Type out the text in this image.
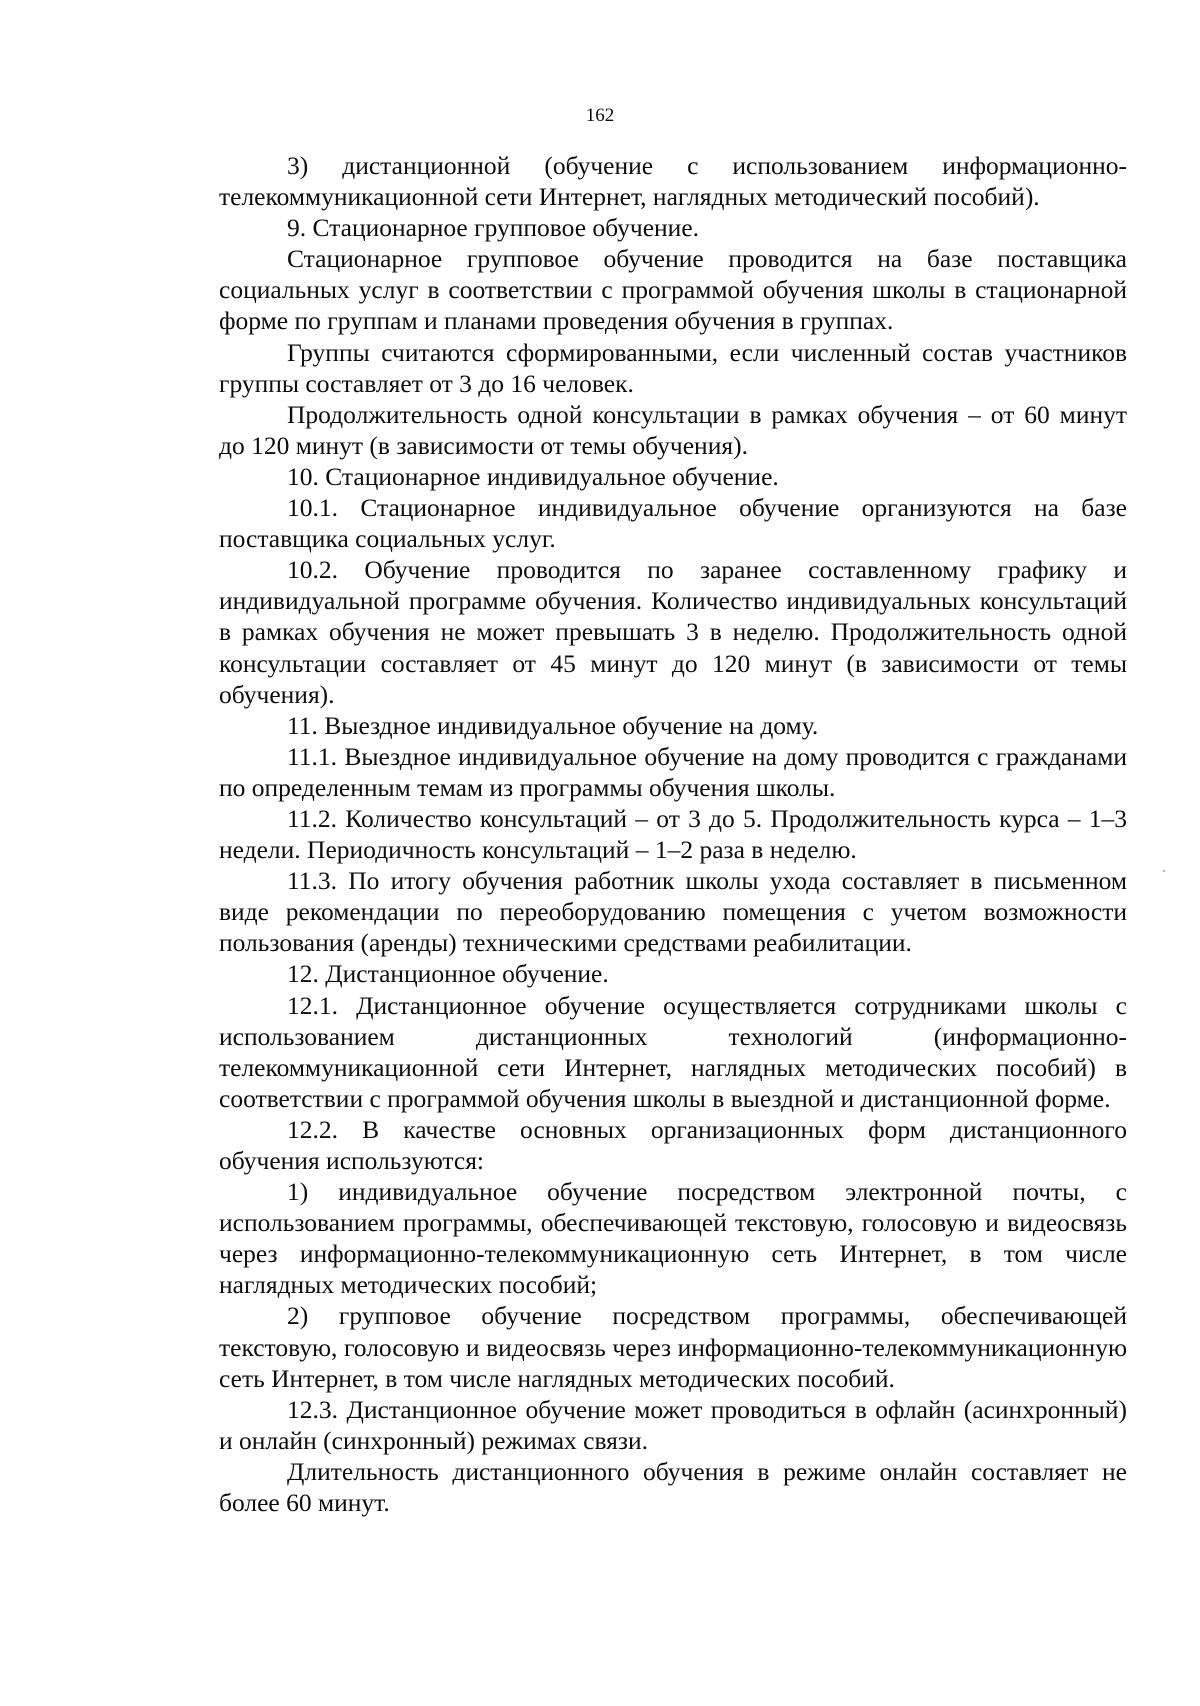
162

3) дистанционной (обучение с использованием информационно-телекоммуникационной сети Интернет, наглядных методический пособий).

9. Стационарное групповое обучение.

Стационарное групповое обучение проводится на базе поставщика социальных услуг в соответствии с программой обучения школы в стационарной форме по группам и планами проведения обучения в группах.

Группы считаются сформированными, если численный состав участников группы составляет от 3 до 16 человек.

Продолжительность одной консультации в рамках обучения – от 60 минут до 120 минут (в зависимости от темы обучения).

10. Стационарное индивидуальное обучение.

10.1. Стационарное индивидуальное обучение организуются на базе поставщика социальных услуг.

10.2. Обучение проводится по заранее составленному графику и индивидуальной программе обучения. Количество индивидуальных консультаций в рамках обучения не может превышать 3 в неделю. Продолжительность одной консультации составляет от 45 минут до 120 минут (в зависимости от темы обучения).

11. Выездное индивидуальное обучение на дому.

11.1. Выездное индивидуальное обучение на дому проводится с гражданами по определенным темам из программы обучения школы.

11.2. Количество консультаций – от 3 до 5. Продолжительность курса – 1–3 недели. Периодичность консультаций – 1–2 раза в неделю.

11.3. По итогу обучения работник школы ухода составляет в письменном виде рекомендации по переоборудованию помещения с учетом возможности пользования (аренды) техническими средствами реабилитации.

12. Дистанционное обучение.

12.1. Дистанционное обучение осуществляется сотрудниками школы с использованием дистанционных технологий (информационно-телекоммуникационной сети Интернет, наглядных методических пособий) в соответствии с программой обучения школы в выездной и дистанционной форме.

12.2. В качестве основных организационных форм дистанционного обучения используются:

1) индивидуальное обучение посредством электронной почты, с использованием программы, обеспечивающей текстовую, голосовую и видеосвязь через информационно-телекоммуникационную сеть Интернет, в том числе наглядных методических пособий;

2) групповое обучение посредством программы, обеспечивающей текстовую, голосовую и видеосвязь через информационно-телекоммуникационную сеть Интернет, в том числе наглядных методических пособий.

12.3. Дистанционное обучение может проводиться в офлайн (асинхронный) и онлайн (синхронный) режимах связи.

Длительность дистанционного обучения в режиме онлайн составляет не более 60 минут.
